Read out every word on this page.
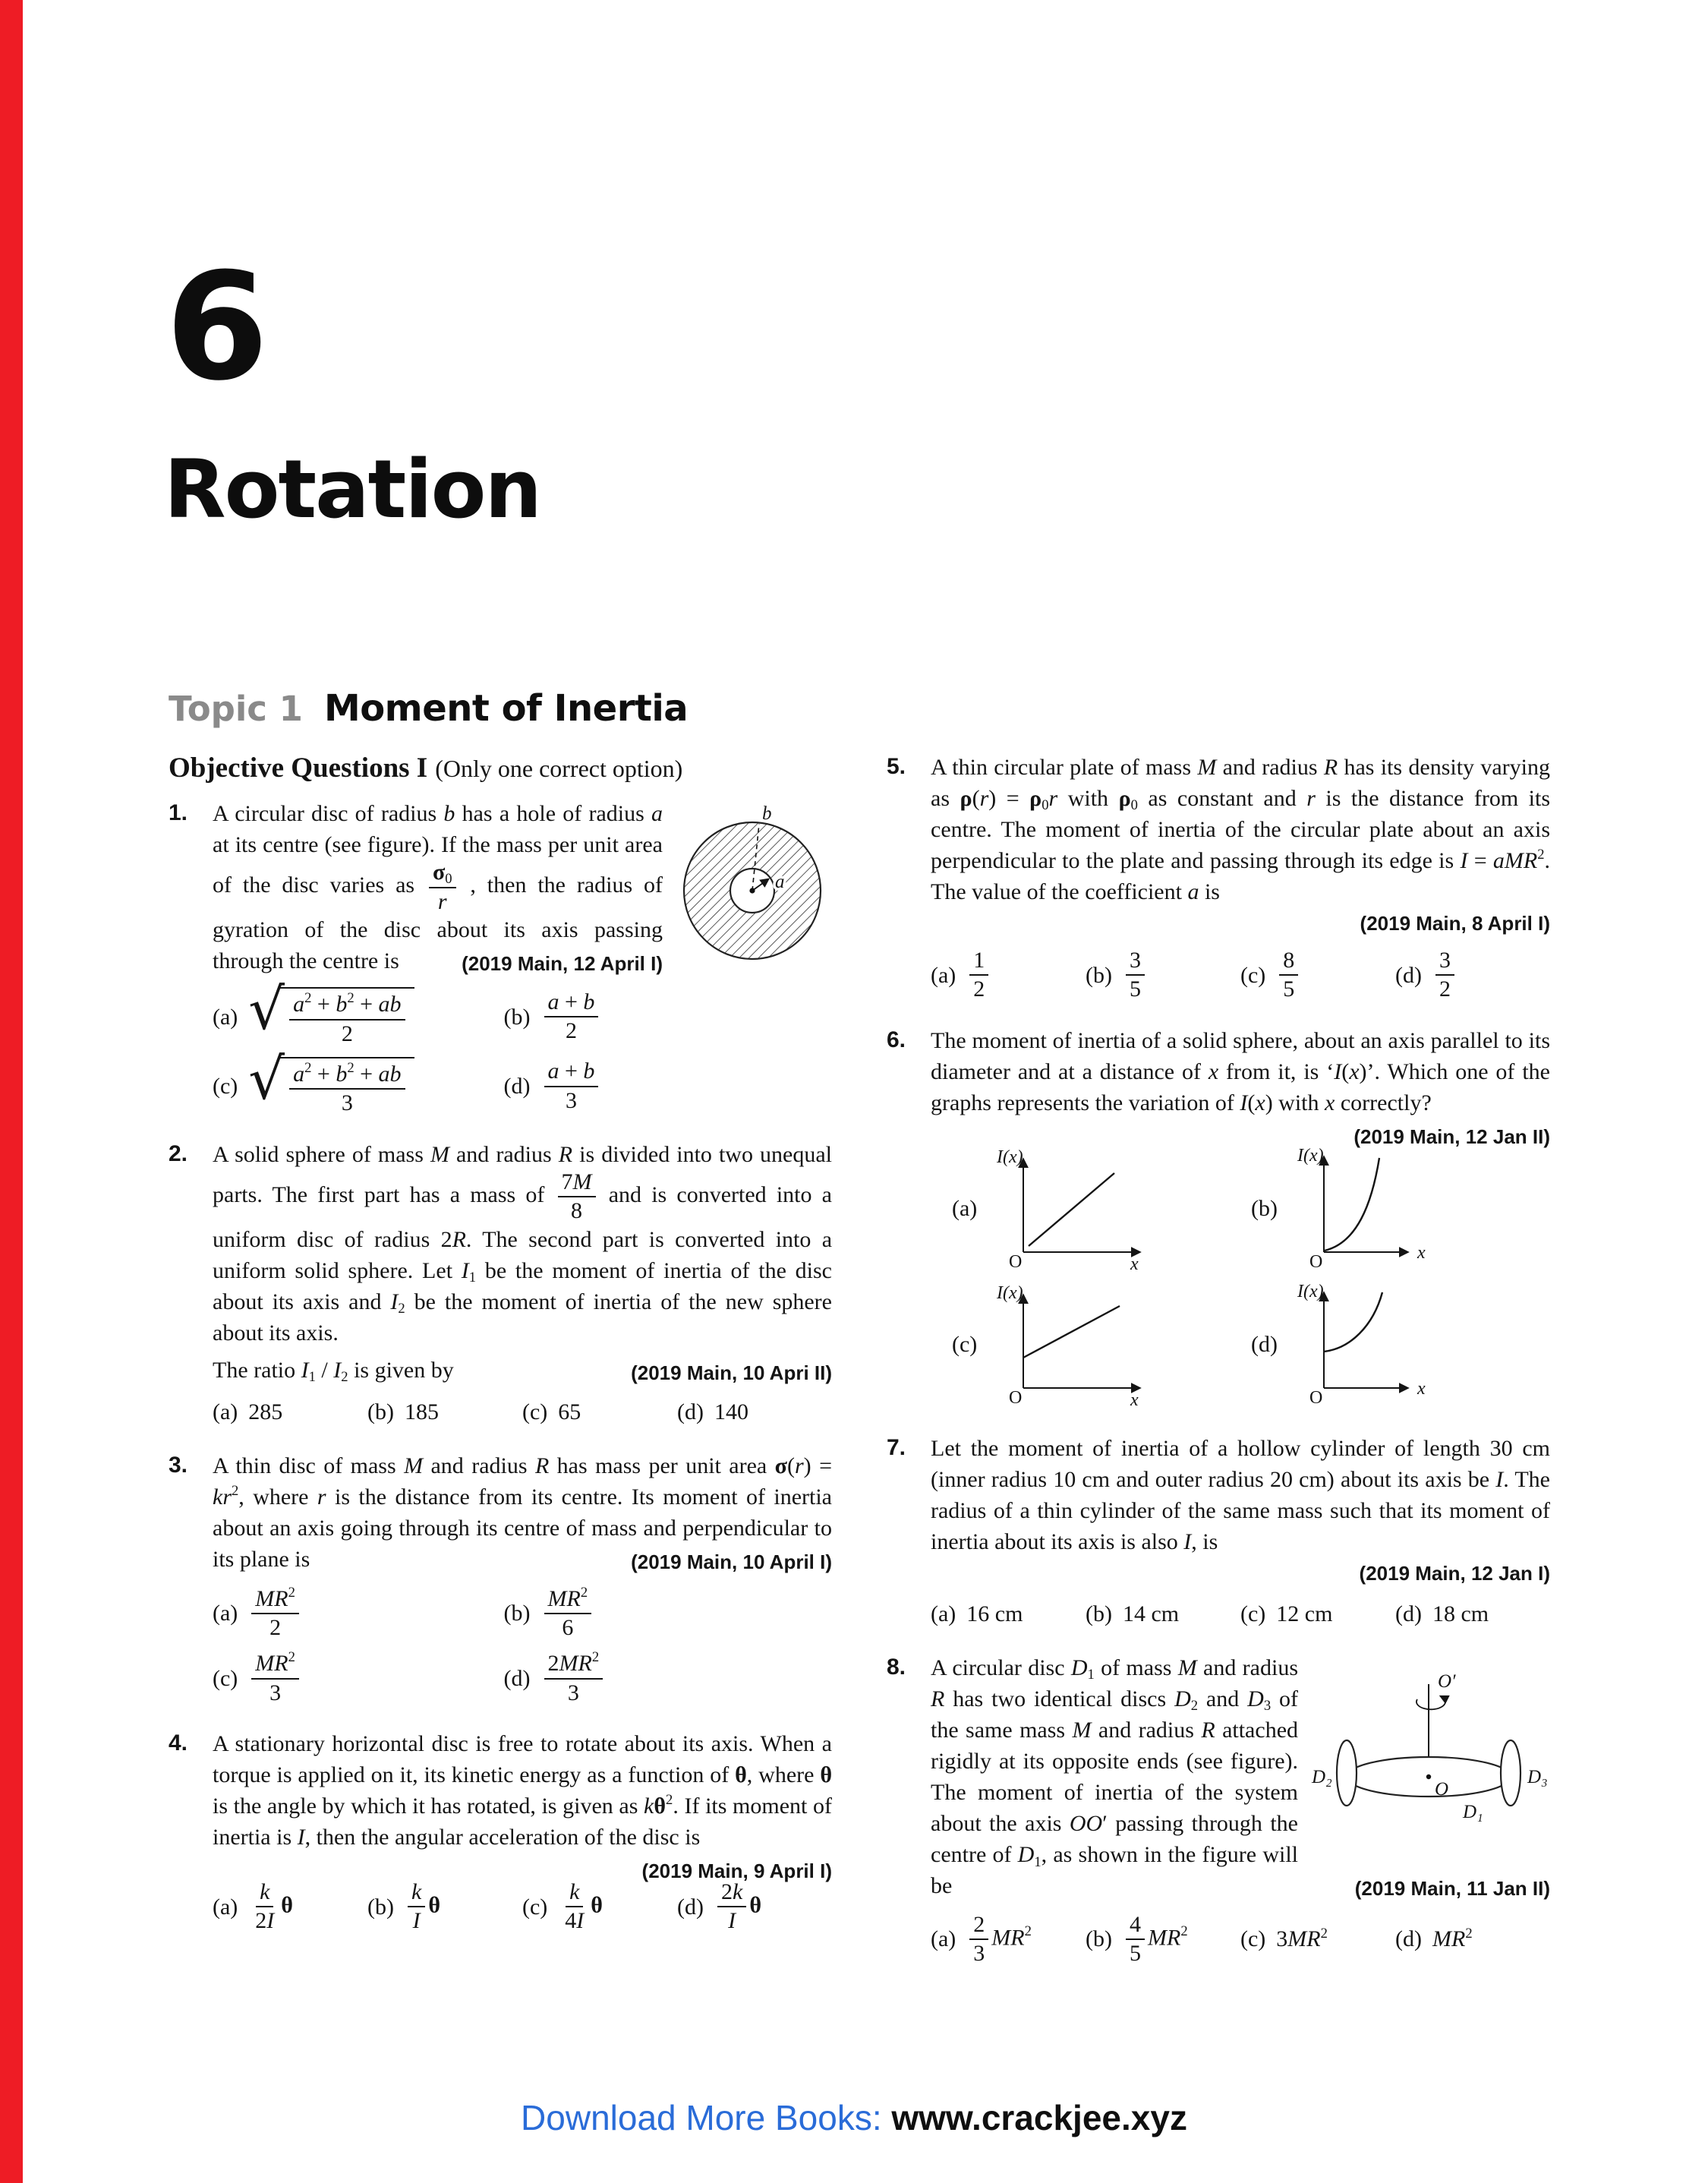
6
Rotation
Topic 1 Moment of Inertia
Objective Questions I (Only one correct option)
1.	b
a

A circular disc of radius b has a hole of radius a at its centre (see figure). If the mass per unit area of the disc varies as $\frac{\sigma_0}{r}$ , then the radius of gyration of the disc about its axis passing through the centre is	(2019 Main, 12 April I)

(a) √ $\frac{a^2 + b^2 + ab}{2}$	$(b) \frac{a + b}{2}$
(c) √ $\frac{a^2 + b^2 + ab}{3}$	$(d) \frac{a + b}{3}$
2.	A solid sphere of mass M and radius R is divided into two unequal parts. The first part has a mass of $\frac{7M}{8}$ and is converted into a uniform disc of radius 2R. The second part is converted into a uniform solid sphere. Let $I_1$ be the moment of inertia of the disc about its axis and $I_2$ be the moment of inertia of the new sphere about its axis.

The ratio $I_1 / I_2$ is given by	(2019 Main, 10 Apri II)

(a) 285	(b) 185	(c) 65	(d) 140
3.	A thin disc of mass M and radius R has mass per unit area $\sigma(r) = kr^2$, where r is the distance from its centre. Its moment of inertia about an axis going through its centre of mass and perpendicular to its plane is	(2019 Main, 10 April I)

$(a) \frac{MR^2}{2}$	$(b) \frac{MR^2}{6}$
$(c) \frac{MR^2}{3}$	$(d) \frac{2MR^2}{3}$
4.	A stationary horizontal disc is free to rotate about its axis. When a torque is applied on it, its kinetic energy as a function of θ, where θ is the angle by which it has rotated, is given as $k\theta^2$. If its moment of inertia is I, then the angular acceleration of the disc is
(2019 Main, 9 April I)

$(a) \frac{k}{2I}$ θ	$(b) \frac{k}{I}$ θ	$(c) \frac{k}{4I}$ θ	$(d) \frac{2k}{I}$ θ
5.	A thin circular plate of mass M and radius R has its density varying as $\rho(r) = \rho_0r$ with $\rho_0$ as constant and r is the distance from its centre. The moment of inertia of the circular plate about an axis perpendicular to the plate and passing through its edge is I = aMR$^2$. The value of the coefficient a is

(2019 Main, 8 April I)
$(a) \frac{1}{2}$	$(b) \frac{3}{5}$	$(c) \frac{8}{5}$	$(d) \frac{3}{2}$
6.	The moment of inertia of a solid sphere, about an axis parallel to its diameter and at a distance of x from it, is ‘I(x)’. Which one of the graphs represents the variation of I(x) with x correctly?
(2019 Main, 12 Jan II)

(a)
I(x)
O	x
(b)
I(x)
O	x
(c)
I(x)
O	x
(d)
I(x)
O	x
7.	Let the moment of inertia of a hollow cylinder of length 30 cm (inner radius 10 cm and outer radius 20 cm) about its axis be I. The radius of a thin cylinder of the same mass such that its moment of inertia about its axis is also I, is

(2019 Main, 12 Jan I)
(a) 16 cm	(b) 14 cm	(c) 12 cm	(d) 18 cm
8.
O′
O
D₂	D₃
D₁

A circular disc $D_1$ of mass M and radius R has two identical discs $D_2$ and $D_3$ of the same mass M and radius R attached rigidly at its opposite ends (see figure). The moment of inertia of the system about the axis OO′ passing through the centre of $D_1$, as shown in the figure will be	(2019 Main, 11 Jan II)

$(a) \frac{2}{3} MR^2$ $(b) \frac{4}{5} MR^2$ (c) $3MR^2$	(d) $MR^2$
Download More Books: www.crackjee.xyz
